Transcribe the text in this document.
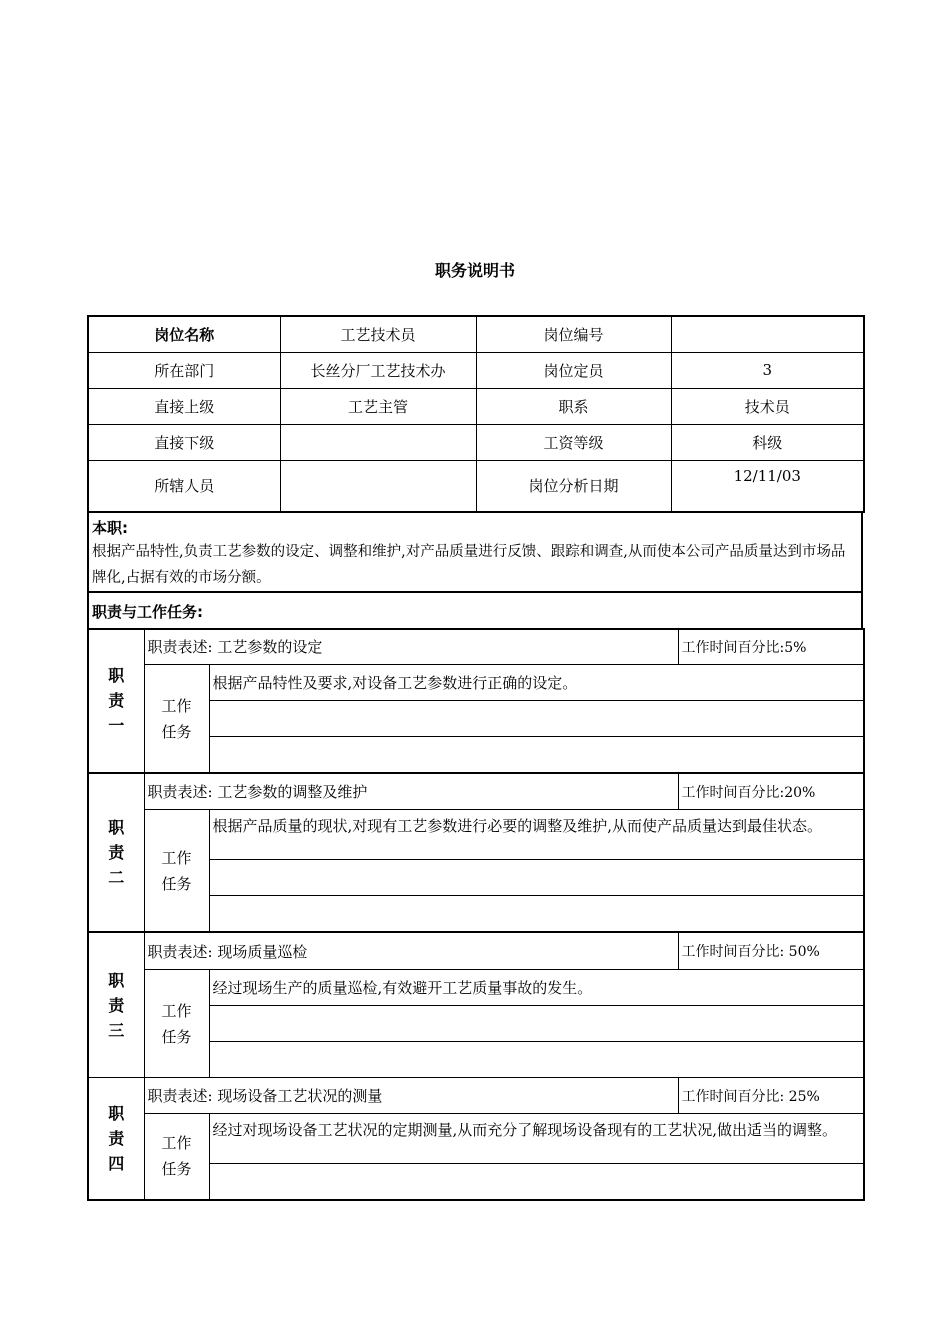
职务说明书
岗位名称	工艺技术员	岗位编号	
所在部门	长丝分厂工艺技术办	岗位定员	3
直接上级	工艺主管	职系	技术员
直接下级		工资等级	科级
所辖人员		岗位分析日期	12/11/03
本职:
根据产品特性,负责工艺参数的设定、调整和维护,对产品质量进行反馈、跟踪和调查,从而使本公司产品质量达到市场品牌化,占据有效的市场分额。
职责与工作任务:
职
责
一	职责表述: 工艺参数的设定		工作时间百分比:5%

	工作
任务	根据产品特性及要求,对设备工艺参数进行正确的设定。	

职
责
二	职责表述: 工艺参数的调整及维护		工作时间百分比:20%

	工作
任务	根据产品质量的现状,对现有工艺参数进行必要的调整及维护,从而使产品质量达到最佳状态。	

职
责
三	职责表述: 现场质量巡检		工作时间百分比: 50%

	工作
任务	经过现场生产的质量巡检,有效避开工艺质量事故的发生。	

职
责
四	职责表述: 现场设备工艺状况的测量		工作时间百分比: 25%

	工作
任务	经过对现场设备工艺状况的定期测量,从而充分了解现场设备现有的工艺状况,做出适当的调整。	
